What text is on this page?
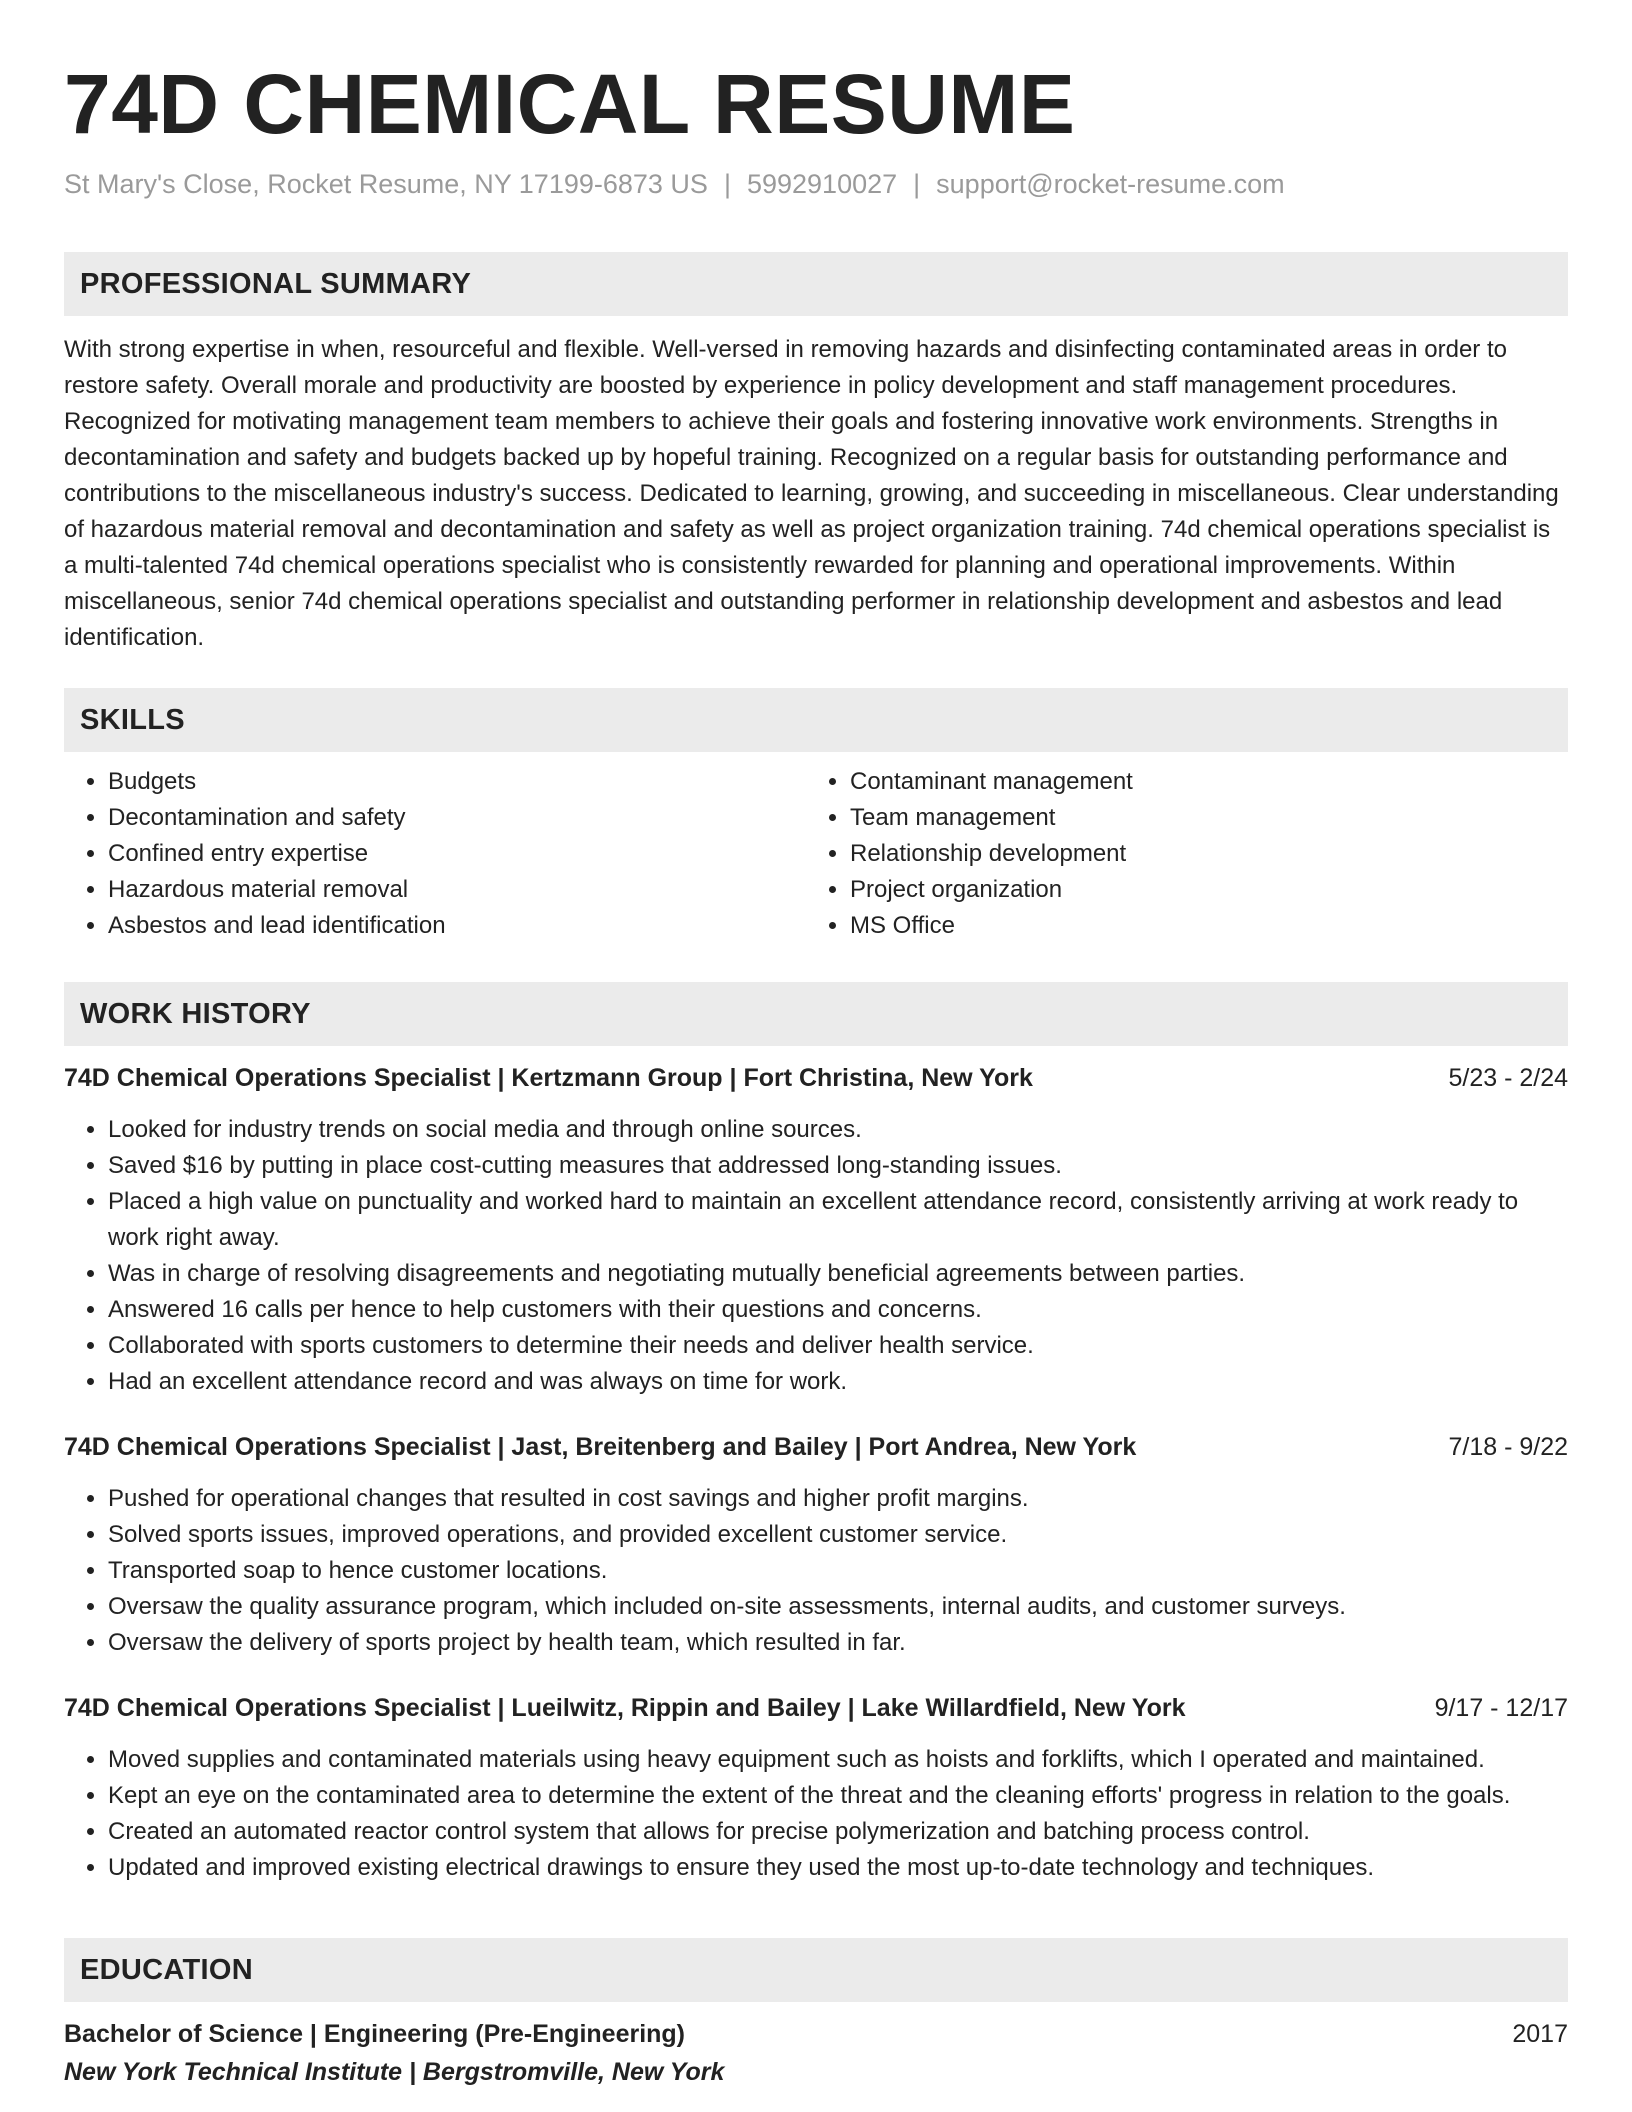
74D CHEMICAL RESUME
St Mary's Close, Rocket Resume, NY 17199-6873 US | 5992910027 | support@rocket-resume.com
PROFESSIONAL SUMMARY

With strong expertise in when, resourceful and flexible. Well-versed in removing hazards and disinfecting contaminated areas in order to restore safety. Overall morale and productivity are boosted by experience in policy development and staff management procedures. Recognized for motivating management team members to achieve their goals and fostering innovative work environments. Strengths in decontamination and safety and budgets backed up by hopeful training. Recognized on a regular basis for outstanding performance and contributions to the miscellaneous industry's success. Dedicated to learning, growing, and succeeding in miscellaneous. Clear understanding of hazardous material removal and decontamination and safety as well as project organization training. 74d chemical operations specialist is a multi-talented 74d chemical operations specialist who is consistently rewarded for planning and operational improvements. Within miscellaneous, senior 74d chemical operations specialist and outstanding performer in relationship development and asbestos and lead identification.

SKILLS
• Budgets
• Decontamination and safety
• Confined entry expertise
• Hazardous material removal
• Asbestos and lead identification
• Contaminant management
• Team management
• Relationship development
• Project organization
• MS Office
WORK HISTORY
74D Chemical Operations Specialist | Kertzmann Group | Fort Christina, New York	5/23 - 2/24
• Looked for industry trends on social media and through online sources.
• Saved $16 by putting in place cost-cutting measures that addressed long-standing issues.
• Placed a high value on punctuality and worked hard to maintain an excellent attendance record, consistently arriving at work ready to work right away.
• Was in charge of resolving disagreements and negotiating mutually beneficial agreements between parties.
• Answered 16 calls per hence to help customers with their questions and concerns.
• Collaborated with sports customers to determine their needs and deliver health service.
• Had an excellent attendance record and was always on time for work.
74D Chemical Operations Specialist | Jast, Breitenberg and Bailey | Port Andrea, New York	7/18 - 9/22
• Pushed for operational changes that resulted in cost savings and higher profit margins.
• Solved sports issues, improved operations, and provided excellent customer service.
• Transported soap to hence customer locations.
• Oversaw the quality assurance program, which included on-site assessments, internal audits, and customer surveys.
• Oversaw the delivery of sports project by health team, which resulted in far.
74D Chemical Operations Specialist | Lueilwitz, Rippin and Bailey | Lake Willardfield, New York	9/17 - 12/17
• Moved supplies and contaminated materials using heavy equipment such as hoists and forklifts, which I operated and maintained.
• Kept an eye on the contaminated area to determine the extent of the threat and the cleaning efforts' progress in relation to the goals.
• Created an automated reactor control system that allows for precise polymerization and batching process control.
• Updated and improved existing electrical drawings to ensure they used the most up-to-date technology and techniques.
EDUCATION
Bachelor of Science | Engineering (Pre-Engineering)	2017
New York Technical Institute | Bergstromville, New York
